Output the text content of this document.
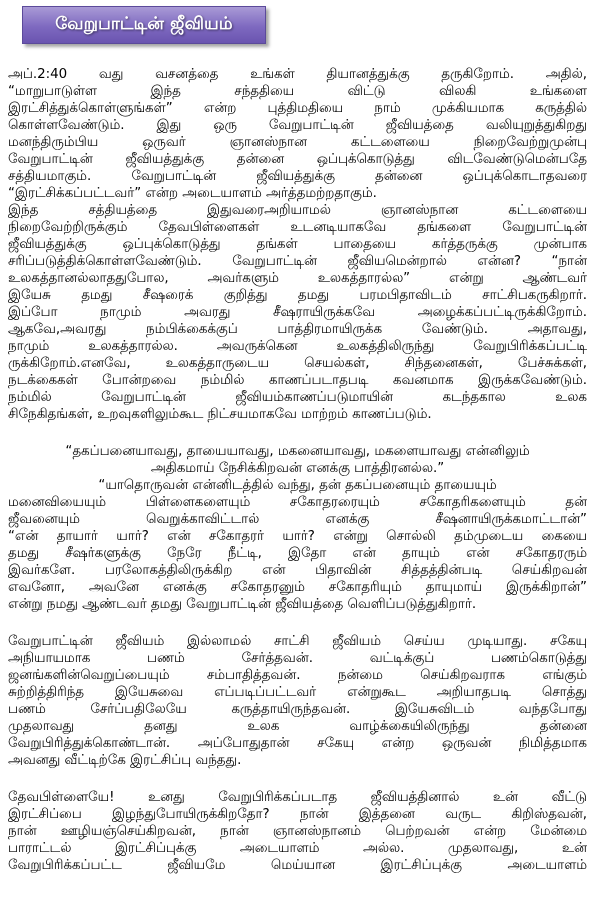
வேறுபாட்டின் ஜீவியம்
அப்.2:40 வது வசனத்தை உங்கள் தியானத்துக்கு தருகிறோம். அதில்,
“மாறுபாடுள்ள இந்த சந்ததியை விட்டு விலகி உங்களை
இரட்சித்துக்கொள்ளுங்கள்” என்ற புத்திமதியை நாம் முக்கியமாக கருத்தில்
கொள்ளவேண்டும். இது ஒரு வேறுபாட்டின் ஜீவியத்தை வலியுறுத்துகிறது
மனந்திரும்பிய ஒருவர் ஞானஸ்நான கட்டளையை நிறைவேற்றுமுன்பு
வேறுபாட்டின் ஜீவியத்துக்கு தன்னை ஒப்புக்கொடுத்து விடவேண்டுமென்பதே
சத்தியமாகும். வேறுபாட்டின் ஜீவியத்துக்கு தன்னை ஒப்புக்கொடாதவரை
“இரட்சிக்கப்பட்டவர்” என்ற அடையாளம் அர்த்தமற்றதாகும்.
இந்த சத்தியத்தை இதுவரைஅறியாமல் ஞானஸ்நான கட்டளையை
நிறைவேற்றிருக்கும் தேவபிள்ளைகள் உடனடியாகவே தங்களை வேறுபாட்டின்
ஜீவியத்துக்கு ஒப்புக்கொடுத்து தங்கள் பாதையை கர்த்தருக்கு முன்பாக
சரிப்படுத்திக்கொள்ளவேண்டும். வேறுபாட்டின் ஜீவியமென்றால் என்ன? “நான்
உலகத்தானல்லாததுபோல, அவர்களும் உலகத்தாரல்ல” என்று ஆண்டவர்
இயேசு தமது சீஷரைக் குறித்து தமது பரமபிதாவிடம் சாட்சிபகருகிறார்.
இப்போ நாமும் அவரது சீஷராயிருக்கவே அழைக்கப்பட்டிருக்கிறோம்.
ஆகவே,அவரது நம்பிக்கைக்குப் பாத்திரமாயிருக்க வேண்டும். அதாவது,
நாமும் உலகத்தாரல்ல. அவருக்கென உலகத்திலிருந்து வேறுபிரிக்கப்பட்டி
ருக்கிறோம்.எனவே, உலகத்தாருடைய செயல்கள், சிந்தனைகள், பேச்சுக்கள்,
நடக்கைகள் போன்றவை நம்மில் காணப்படாதபடி கவனமாக இருக்கவேண்டும்.
நம்மில் வேறுபாட்டின் ஜீவியம்காணப்படுமாயின் கடந்தகால உலக
சிநேகிதங்கள், உறவுகளிலும்கூட நிட்சயமாகவே மாற்றம் காணப்படும்.
“தகப்பனையாவது, தாயையாவது, மகனையாவது, மகளையாவது என்னிலும்
அதிகமாய் நேசிக்கிறவன் எனக்கு பாத்திரனல்ல.”
“யாதொருவன் என்னிடத்தில் வந்து, தன் தகப்பனையும் தாயையும்
மனைவியையும் பிள்ளைகளையும் சகோதரரையும் சகோதரிகளையும் தன்
ஜீவனையும் வெறுக்காவிட்டால் எனக்கு சீஷனாயிருக்கமாட்டான்”
“என் தாயார் யார்? என் சகோதரர் யார்? என்று சொல்லி தம்முடைய கையை
தமது சீஷர்களுக்கு நேரே நீட்டி, இதோ என் தாயும் என் சகோதரரும்
இவர்களே. பரலோகத்திலிருக்கிற என் பிதாவின் சித்தத்தின்படி செய்கிறவன்
எவனோ, அவனே எனக்கு சகோதரனும் சகோதரியும் தாயுமாய் இருக்கிறான்”
என்று நமது ஆண்டவர் தமது வேறுபாட்டின் ஜீவியத்தை வெளிப்படுத்துகிறார்.
வேறுபாட்டின் ஜீவியம் இல்லாமல் சாட்சி ஜீவியம் செய்ய முடியாது. சகேயு
அநியாயமாக பணம் சேர்த்தவன். வட்டிக்குப் பணம்கொடுத்து
ஜனங்களின்வெறுப்பையும் சம்பாதித்தவன். நன்மை செய்கிறவராக எங்கும்
சுற்றித்திரிந்த இயேசுவை எப்படிப்பட்டவர் என்றுகூட அறியாதபடி சொத்து
பணம் சேர்ப்பதிலேயே கருத்தாயிருந்தவன். இயேசுவிடம் வந்தபோது
முதலாவது தனது உலக வாழ்க்கையிலிருந்து தன்னை
வேறுபிரித்துக்கொண்டான். அப்போதுதான் சகேயு என்ற ஒருவன் நிமித்தமாக
அவனது வீட்டிற்கே இரட்சிப்பு வந்தது.
தேவபிள்ளையே! உனது வேறுபிரிக்கப்படாத ஜீவியத்தினால் உன் வீட்டு
இரட்சிப்பை இழந்துபோயிருக்கிறதோ? நான் இத்தனை வருட கிறிஸ்தவன்,
நான் ஊழியஞ்செய்கிறவன், நான் ஞானஸ்நானம் பெற்றவன் என்ற மேன்மை
பாராட்டல் இரட்சிப்புக்கு அடையாளம் அல்ல. முதலாவது, உன்
வேறுபிரிக்கப்பட்ட ஜீவியமே மெய்யான இரட்சிப்புக்கு அடையாளம்
